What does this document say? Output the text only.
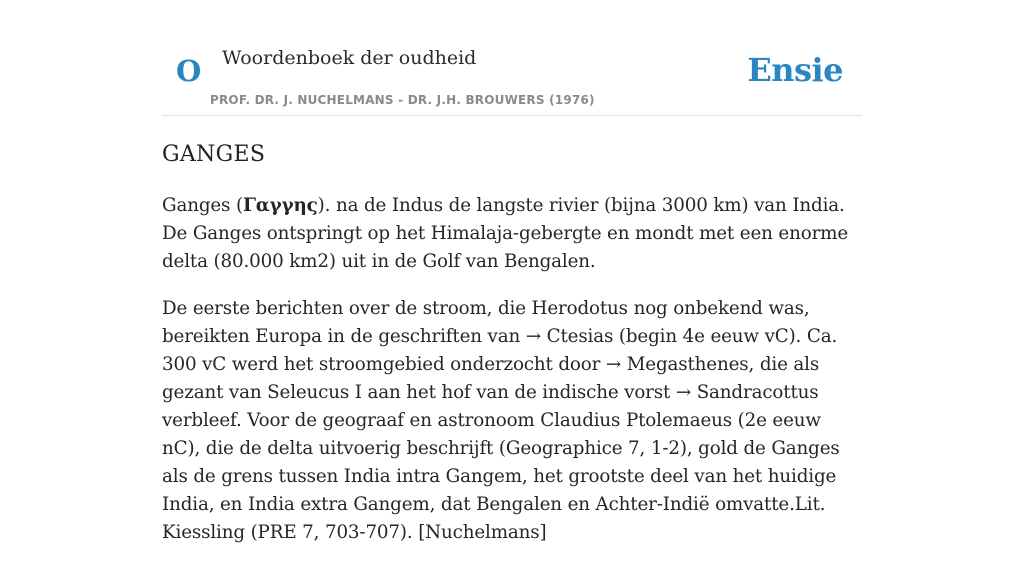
O Woordenboek der oudheid
PROF. DR. J. NUCHELMANS - DR. J.H. BROUWERS (1976)
Ensie
GANGES

Ganges (Γαγγης). na de Indus de langste rivier (bijna 3000 km) van India. De Ganges ontspringt op het Himalaja-gebergte en mondt met een enorme delta (80.000 km2) uit in de Golf van Bengalen.

De eerste berichten over de stroom, die Herodotus nog onbekend was, bereikten Europa in de geschriften van → Ctesias (begin 4e eeuw vC). Ca. 300 vC werd het stroomgebied onderzocht door → Megasthenes, die als gezant van Seleucus I aan het hof van de indische vorst → Sandracottus verbleef. Voor de geograaf en astronoom Claudius Ptolemaeus (2e eeuw nC), die de delta uitvoerig beschrijft (Geographice 7, 1-2), gold de Ganges als de grens tussen India intra Gangem, het grootste deel van het huidige India, en India extra Gangem, dat Bengalen en Achter-Indië omvatte.Lit. Kiessling (PRE 7, 703-707). [Nuchelmans]
